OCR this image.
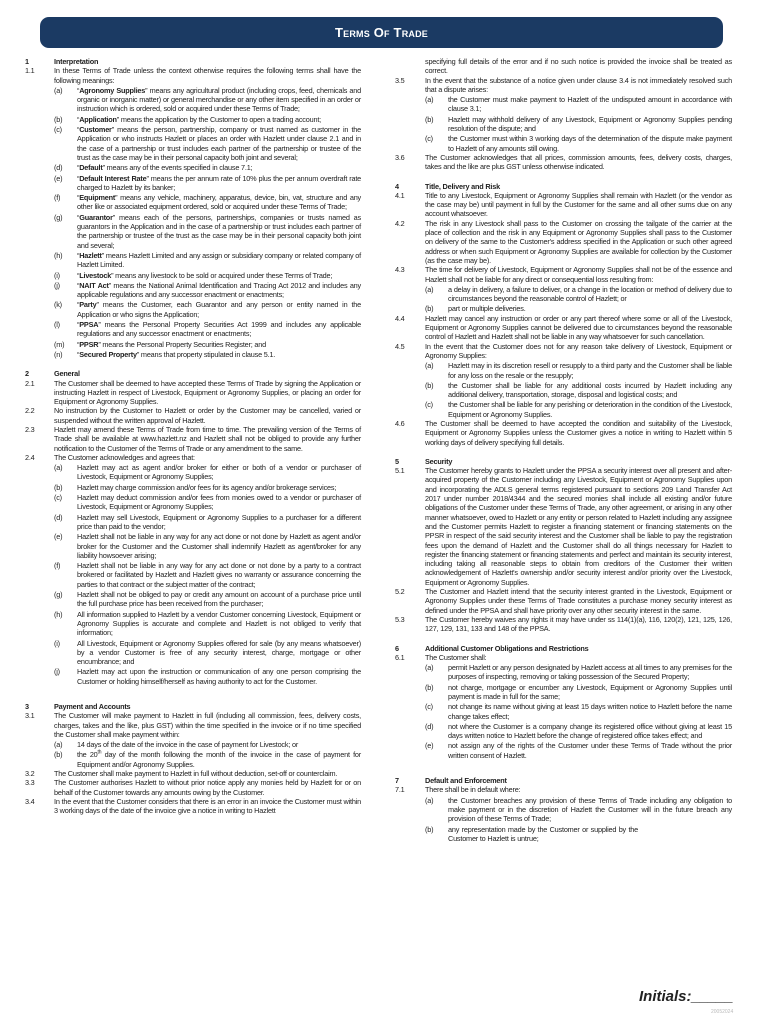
Terms Of Trade
1	Interpretation
1.1	In these Terms of Trade unless the context otherwise requires the following terms shall have the following meanings:
(a)	“Agronomy Supplies” means any agricultural product (including crops, feed, chemicals and organic or inorganic matter) or general merchandise or any other item specified in an order or instruction which is ordered, sold or acquired under these Terms of Trade;
(b)	“Application” means the application by the Customer to open a trading account;
(c)	“Customer” means the person, partnership, company or trust named as customer in the Application or who instructs Hazlett or places an order with Hazlett under clause 2.1 and in the case of a partnership or trust includes each partner of the partnership or trustee of the trust as the case may be in their personal capacity both joint and several;
(d)	“Default” means any of the events specified in clause 7.1;
(e)	“Default Interest Rate” means the per annum rate of 10% plus the per annum overdraft rate charged to Hazlett by its banker;
(f)	“Equipment” means any vehicle, machinery, apparatus, device, bin, vat, structure and any other like or associated equipment ordered, sold or acquired under these Terms of Trade;
(g)	“Guarantor” means each of the persons, partnerships, companies or trusts named as guarantors in the Application and in the case of a partnership or trust includes each partner of the partnership or trustee of the trust as the case may be in their personal capacity both joint and several;
(h)	“Hazlett” means Hazlett Limited and any assign or subsidiary company or related company of Hazlett Limited.
(i)	“Livestock” means any livestock to be sold or acquired under these Terms of Trade;
(j)	“NAIT Act” means the National Animal Identification and Tracing Act 2012 and includes any applicable regulations and any successor enactment or enactments;
(k)	“Party” means the Customer, each Guarantor and any person or entity named in the Application or who signs the Application;
(l)	“PPSA” means the Personal Property Securities Act 1999 and includes any applicable regulations and any successor enactment or enactments;
(m)	“PPSR” means the Personal Property Securities Register; and
(n)	“Secured Property” means that property stipulated in clause 5.1.
2	General
2.1	The Customer shall be deemed to have accepted these Terms of Trade by signing the Application or instructing Hazlett in respect of Livestock, Equipment or Agronomy Supplies, or placing an order for Equipment or Agronomy Supplies.
2.2	No instruction by the Customer to Hazlett or order by the Customer may be cancelled, varied or suspended without the written approval of Hazlett.
2.3	Hazlett may amend these Terms of Trade from time to time. The prevailing version of the Terms of Trade shall be available at www.hazlett.nz and Hazlett shall not be obliged to provide any further notification to the Customer of the Terms of Trade or any amendment to the same.
2.4	The Customer acknowledges and agrees that:
(a)	Hazlett may act as agent and/or broker for either or both of a vendor or purchaser of Livestock, Equipment or Agronomy Supplies;
(b)	Hazlett may charge commission and/or fees for its agency and/or brokerage services;
(c)	Hazlett may deduct commission and/or fees from monies owed to a vendor or purchaser of Livestock, Equipment or Agronomy Supplies;
(d)	Hazlett may sell Livestock, Equipment or Agronomy Supplies to a purchaser for a different price than paid to the vendor;
(e)	Hazlett shall not be liable in any way for any act done or not done by Hazlett as agent and/or broker for the Customer and the Customer shall indemnify Hazlett as agent/broker for any liability howsoever arising;
(f)	Hazlett shall not be liable in any way for any act done or not done by a party to a contract brokered or facilitated by Hazlett and Hazlett gives no warranty or assurance concerning the parties to that contract or the subject matter of the contract;
(g)	Hazlett shall not be obliged to pay or credit any amount on account of a purchase price until the full purchase price has been received from the purchaser;
(h)	All information supplied to Hazlett by a vendor Customer concerning Livestock, Equipment or Agronomy Supplies is accurate and complete and Hazlett is not obliged to verify that information;
(i)	All Livestock, Equipment or Agronomy Supplies offered for sale (by any means whatsoever) by a vendor Customer is free of any security interest, charge, mortgage or other encumbrance; and
(j)	Hazlett may act upon the instruction or communication of any one person comprising the Customer or holding himself/herself as having authority to act for the Customer.
3	Payment and Accounts
3.1	The Customer will make payment to Hazlett in full (including all commission, fees, delivery costs, charges, takes and the like, plus GST) within the time specified in the invoice or if no time specified the Customer shall make payment within:
(a)	14 days of the date of the invoice in the case of payment for Livestock; or
(b)	the 20th day of the month following the month of the invoice in the case of payment for Equipment and/or Agronomy Supplies.
3.2	The Customer shall make payment to Hazlett in full without deduction, set-off or counterclaim.
3.3	The Customer authorises Hazlett to without prior notice apply any monies held by Hazlett for or on behalf of the Customer towards any amounts owing by the Customer.
3.4	In the event that the Customer considers that there is an error in an invoice the Customer must within 3 working days of the date of the invoice give a notice in writing to Hazlett
specifying full details of the error and if no such notice is provided the invoice shall be treated as correct.
3.5	In the event that the substance of a notice given under clause 3.4 is not immediately resolved such that a dispute arises:
(a)	the Customer must make payment to Hazlett of the undisputed amount in accordance with clause 3.1;
(b)	Hazlett may withhold delivery of any Livestock, Equipment or Agronomy Supplies pending resolution of the dispute; and
(c)	the Customer must within 3 working days of the determination of the dispute make payment to Hazlett of any amounts still owing.
3.6	The Customer acknowledges that all prices, commission amounts, fees, delivery costs, charges, takes and the like are plus GST unless otherwise indicated.
4	Title, Delivery and Risk
4.1	Title to any Livestock, Equipment or Agronomy Supplies shall remain with Hazlett (or the vendor as the case may be) until payment in full by the Customer for the same and all other sums due on any account whatsoever.
4.2	The risk in any Livestock shall pass to the Customer on crossing the tailgate of the carrier at the place of collection and the risk in any Equipment or Agronomy Supplies shall pass to the Customer on delivery of the same to the Customer's address specified in the Application or such other agreed address or when such Equipment or Agronomy Supplies are available for collection by the Customer (as the case may be).
4.3	The time for delivery of Livestock, Equipment or Agronomy Supplies shall not be of the essence and Hazlett shall not be liable for any direct or consequential loss resulting from:
(a)	a delay in delivery, a failure to deliver, or a change in the location or method of delivery due to circumstances beyond the reasonable control of Hazlett; or
(b)	part or multiple deliveries.
4.4	Hazlett may cancel any instruction or order or any part thereof where some or all of the Livestock, Equipment or Agronomy Supplies cannot be delivered due to circumstances beyond the reasonable control of Hazlett and Hazlett shall not be liable in any way whatsoever for such cancellation.
4.5	In the event that the Customer does not for any reason take delivery of Livestock, Equipment or Agronomy Supplies:
(a)	Hazlett may in its discretion resell or resupply to a third party and the Customer shall be liable for any loss on the resale or the resupply;
(b)	the Customer shall be liable for any additional costs incurred by Hazlett including any additional delivery, transportation, storage, disposal and logistical costs; and
(c)	the Customer shall be liable for any perishing or deterioration in the condition of the Livestock, Equipment or Agronomy Supplies.
4.6	The Customer shall be deemed to have accepted the condition and suitability of the Livestock, Equipment or Agronomy Supplies unless the Customer gives a notice in writing to Hazlett within 5 working days of delivery specifying full details.
5	Security
5.1	The Customer hereby grants to Hazlett under the PPSA a security interest over all present and after-acquired property of the Customer including any Livestock, Equipment or Agronomy Supplies upon and incorporating the ADLS general terms registered pursuant to sections 209 Land Transfer Act 2017 under number 2018/4344 and the secured monies shall include all existing and/or future obligations of the Customer under these Terms of Trade, any other agreement, or arising in any other manner whatsoever, owed to Hazlett or any entity or person related to Hazlett including any assignee and the Customer permits Hazlett to register a financing statement or financing statements on the PPSR in respect of the said security interest and the Customer shall be liable to pay the registration fees upon the demand of Hazlett and the Customer shall do all things necessary for Hazlett to register the financing statement or financing statements and perfect and maintain its security interest, including taking all reasonable steps to obtain from creditors of the Customer their written acknowledgement of Hazlett's ownership and/or security interest and/or priority over the Livestock, Equipment or Agronomy Supplies.
5.2	The Customer and Hazlett intend that the security interest granted in the Livestock, Equipment or Agronomy Supplies under these Terms of Trade constitutes a purchase money security interest as defined under the PPSA and shall have priority over any other security interest in the same.
5.3	The Customer hereby waives any rights it may have under ss 114(1)(a), 116, 120(2), 121, 125, 126, 127, 129, 131, 133 and 148 of the PPSA.
6	Additional Customer Obligations and Restrictions
6.1	The Customer shall:
(a)	permit Hazlett or any person designated by Hazlett access at all times to any premises for the purposes of inspecting, removing or taking possession of the Secured Property;
(b)	not charge, mortgage or encumber any Livestock, Equipment or Agronomy Supplies until payment is made in full for the same;
(c)	not change its name without giving at least 15 days written notice to Hazlett before the name change takes effect;
(d)	not where the Customer is a company change its registered office without giving at least 15 days written notice to Hazlett before the change of registered office takes effect; and
(e)	not assign any of the rights of the Customer under these Terms of Trade without the prior written consent of Hazlett.
7	Default and Enforcement
7.1	There shall be in default where:
(a)	the Customer breaches any provision of these Terms of Trade including any obligation to make payment or in the discretion of Hazlett the Customer will in the future breach any provision of these Terms of Trade;
(b)	any representation made by the Customer or supplied by the Customer to Hazlett is untrue;
Initials:_____
20052024
